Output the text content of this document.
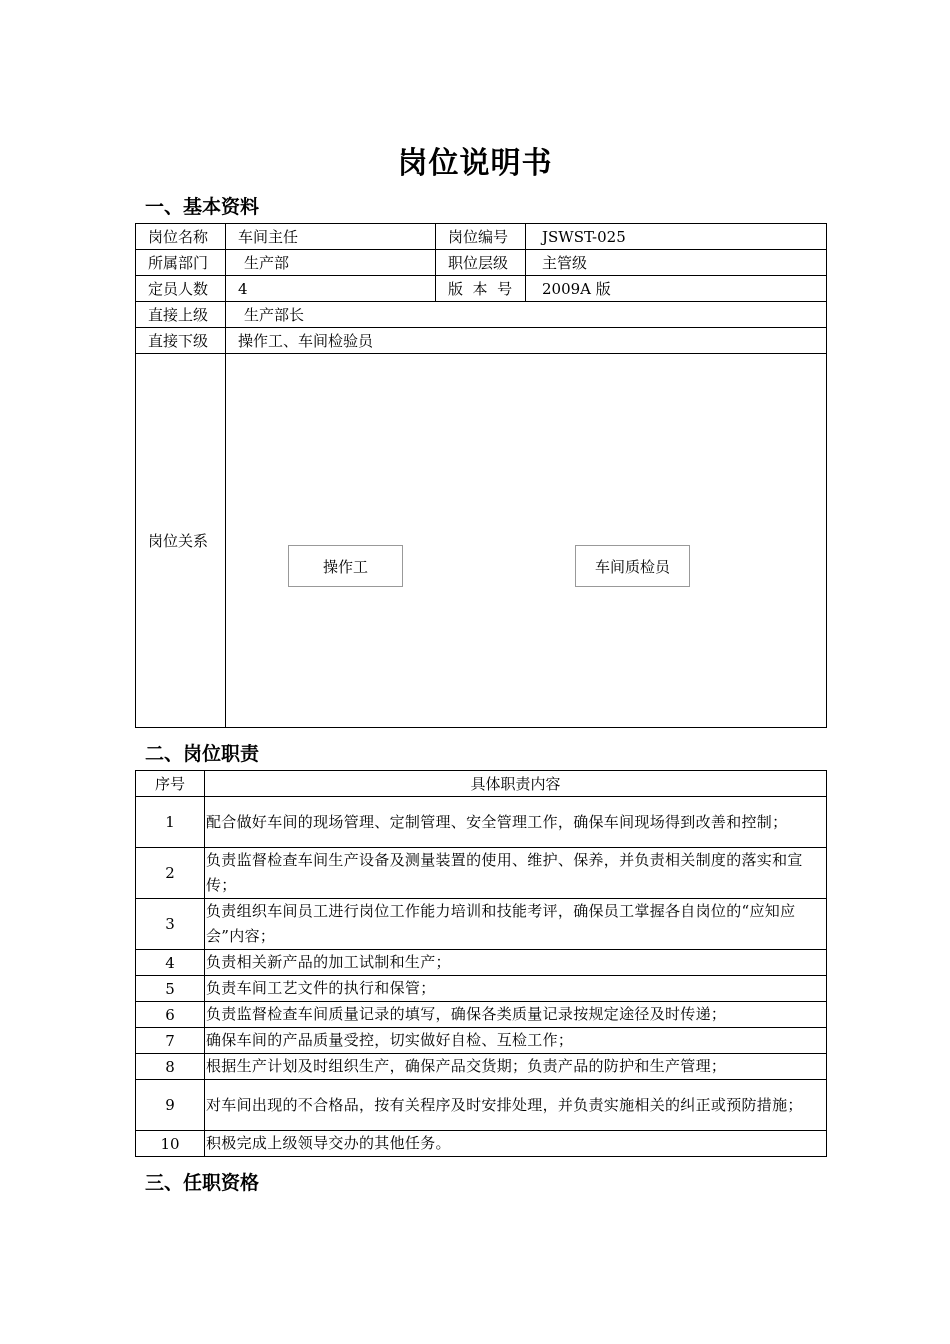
岗位说明书
一、基本资料
岗位名称	车间主任	岗位编号	JSWST-025
所属部门	生产部	职位层级	主管级
定员人数	4	版  本  号	2009A 版
直接上级	生产部长		
直接下级	操作工、车间检验员		
岗位关系	操作工 车间质检员		
二、岗位职责
序号	具体职责内容
1	配合做好车间的现场管理、定制管理、安全管理工作，确保车间现场得到改善和控制；
2	负责监督检查车间生产设备及测量装置的使用、维护、保养，并负责相关制度的落实和宣传；
3	负责组织车间员工进行岗位工作能力培训和技能考评，确保员工掌握各自岗位的“应知应会”内容；
4	负责相关新产品的加工试制和生产；
5	负责车间工艺文件的执行和保管；
6	负责监督检查车间质量记录的填写，确保各类质量记录按规定途径及时传递；
7	确保车间的产品质量受控，切实做好自检、互检工作；
8	根据生产计划及时组织生产，确保产品交货期；负责产品的防护和生产管理；
9	对车间出现的不合格品，按有关程序及时安排处理，并负责实施相关的纠正或预防措施；
10	积极完成上级领导交办的其他任务。
三、任职资格
